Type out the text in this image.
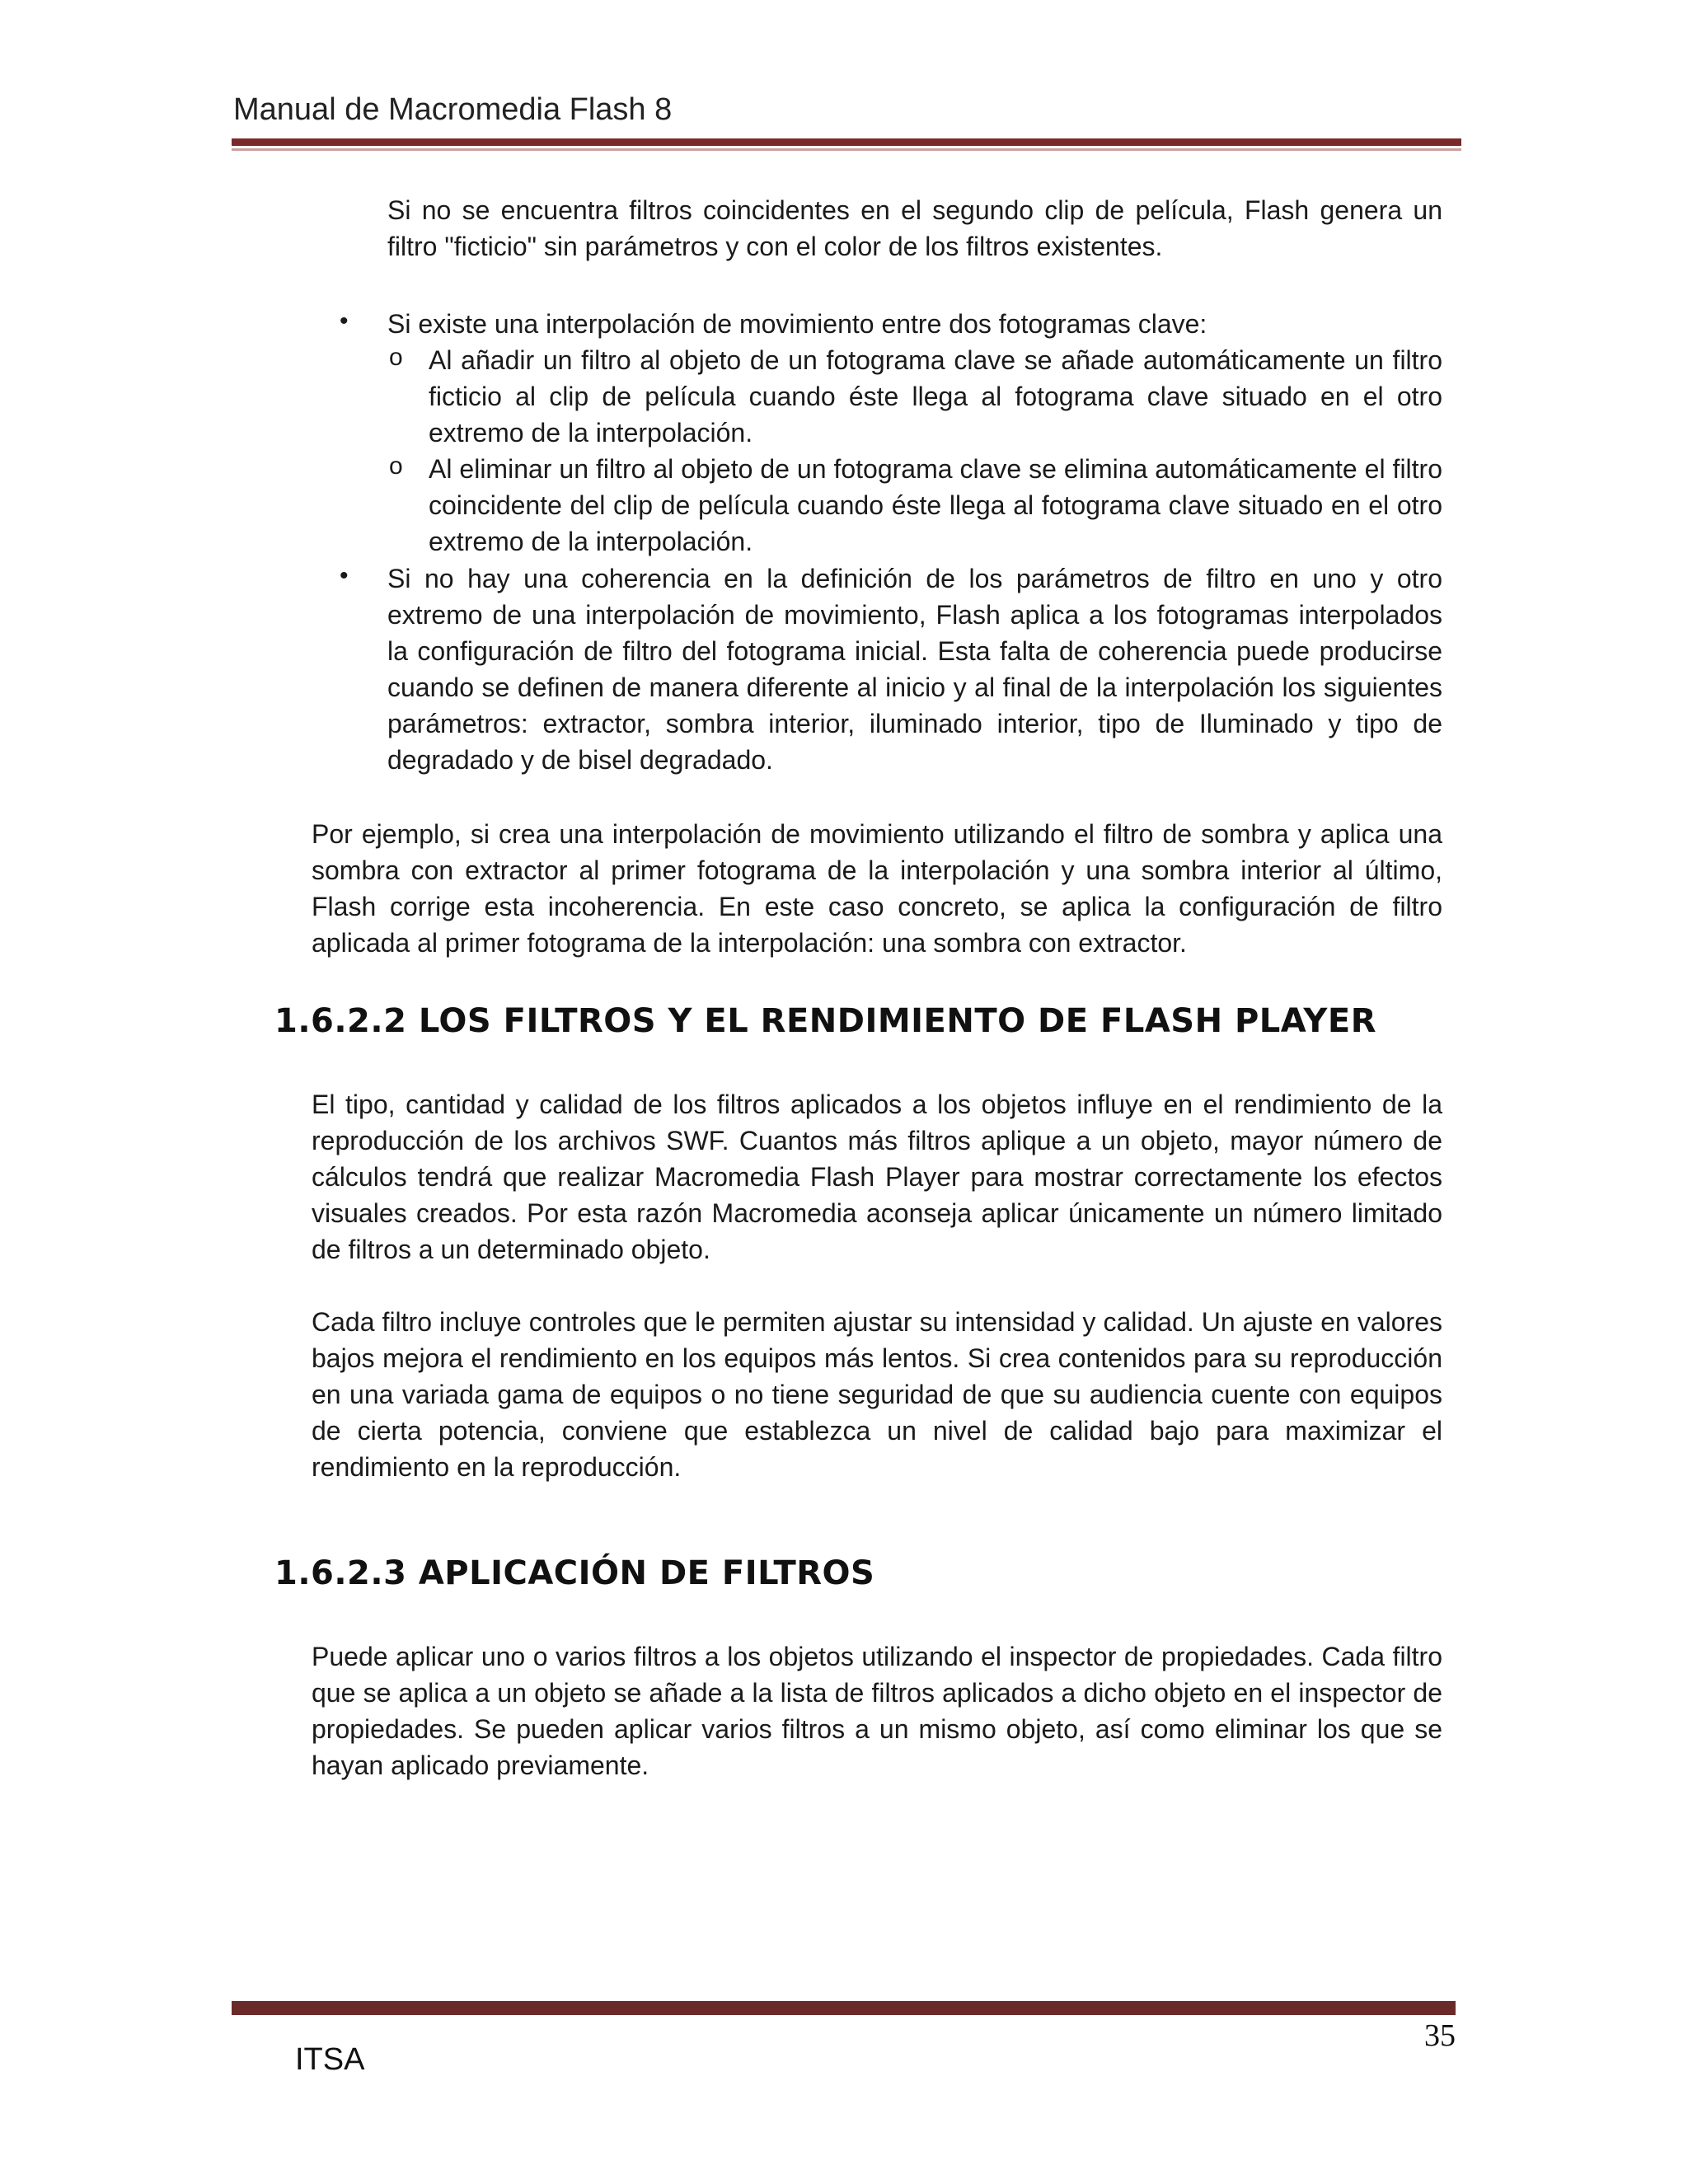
Manual de Macromedia Flash 8

Si no se encuentra filtros coincidentes en el segundo clip de película, Flash genera un filtro "ficticio" sin parámetros y con el color de los filtros existentes.

• Si existe una interpolación de movimiento entre dos fotogramas clave:

o Al añadir un filtro al objeto de un fotograma clave se añade automáticamente un filtro ficticio al clip de película cuando éste llega al fotograma clave situado en el otro extremo de la interpolación.

o Al eliminar un filtro al objeto de un fotograma clave se elimina automáticamente el filtro coincidente del clip de película cuando éste llega al fotograma clave situado en el otro extremo de la interpolación.

• Si no hay una coherencia en la definición de los parámetros de filtro en uno y otro extremo de una interpolación de movimiento, Flash aplica a los fotogramas interpolados la configuración de filtro del fotograma inicial. Esta falta de coherencia puede producirse cuando se definen de manera diferente al inicio y al final de la interpolación los siguientes parámetros: extractor, sombra interior, iluminado interior, tipo de Iluminado y tipo de degradado y de bisel degradado.

Por ejemplo, si crea una interpolación de movimiento utilizando el filtro de sombra y aplica una sombra con extractor al primer fotograma de la interpolación y una sombra interior al último, Flash corrige esta incoherencia. En este caso concreto, se aplica la configuración de filtro aplicada al primer fotograma de la interpolación: una sombra con extractor.

1.6.2.2 LOS FILTROS Y EL RENDIMIENTO DE FLASH PLAYER

El tipo, cantidad y calidad de los filtros aplicados a los objetos influye en el rendimiento de la reproducción de los archivos SWF. Cuantos más filtros aplique a un objeto, mayor número de cálculos tendrá que realizar Macromedia Flash Player para mostrar correctamente los efectos visuales creados. Por esta razón Macromedia aconseja aplicar únicamente un número limitado de filtros a un determinado objeto.

Cada filtro incluye controles que le permiten ajustar su intensidad y calidad. Un ajuste en valores bajos mejora el rendimiento en los equipos más lentos. Si crea contenidos para su reproducción en una variada gama de equipos o no tiene seguridad de que su audiencia cuente con equipos de cierta potencia, conviene que establezca un nivel de calidad bajo para maximizar el rendimiento en la reproducción.

1.6.2.3 APLICACIÓN DE FILTROS

Puede aplicar uno o varios filtros a los objetos utilizando el inspector de propiedades. Cada filtro que se aplica a un objeto se añade a la lista de filtros aplicados a dicho objeto en el inspector de propiedades. Se pueden aplicar varios filtros a un mismo objeto, así como eliminar los que se hayan aplicado previamente.

35
ITSA
